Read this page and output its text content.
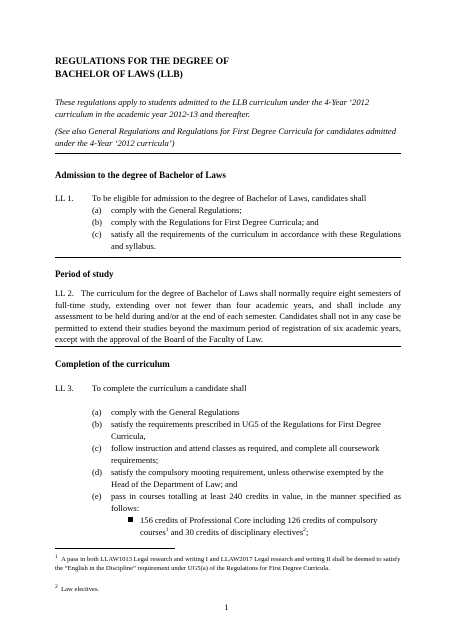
REGULATIONS FOR THE DEGREE OF
BACHELOR OF LAWS (LLB)

These regulations apply to students admitted to the LLB curriculum under the 4-Year ‘2012 curriculum in the academic year 2012-13 and thereafter.

(See also General Regulations and Regulations for First Degree Curricula for candidates admitted under the 4-Year ‘2012 curricula’)

Admission to the degree of Bachelor of Laws
LL 1. To be eligible for admission to the degree of Bachelor of Laws, candidates shall
(a) comply with the General Regulations;
(b) comply with the Regulations for First Degree Curricula; and
(c) satisfy all the requirements of the curriculum in accordance with these Regulations and syllabus.
Period of study

LL 2. The curriculum for the degree of Bachelor of Laws shall normally require eight semesters of full-time study, extending over not fewer than four academic years, and shall include any assessment to be held during and/or at the end of each semester. Candidates shall not in any case be permitted to extend their studies beyond the maximum period of registration of six academic years, except with the approval of the Board of the Faculty of Law.

Completion of the curriculum
LL 3. To complete the curriculum a candidate shall
(a) comply with the General Regulations
(b) satisfy the requirements prescribed in UG5 of the Regulations for First Degree Curricula,
(c) follow instruction and attend classes as required, and complete all coursework requirements;
(d) satisfy the compulsory mooting requirement, unless otherwise exempted by the Head of the Department of Law; and
(e) pass in courses totalling at least 240 credits in value, in the manner specified as follows:
156 credits of Professional Core including 126 credits of compulsory courses$^1$ and 30 credits of disciplinary electives$^2$;
$^1$ A pass in both LLAW1013 Legal research and writing I and LLAW2017 Legal research and writing II shall be deemed to satisfy the “English in the Discipline” requirement under UG5(a) of the Regulations for First Degree Curricula.
$^2$ Law electives.
1
